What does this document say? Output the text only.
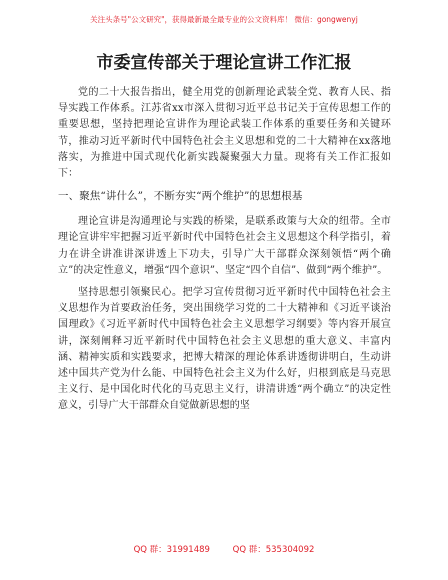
关注头条号"公文研究"，获得最新最全最专业的公文资料库！ 微信：gongwenyj
市委宣传部关于理论宣讲工作汇报

党的二十大报告指出，健全用党的创新理论武装全党、教育人民、指导实践工作体系。江苏省xx市深入贯彻习近平总书记关于宣传思想工作的重要思想，坚持把理论宣讲作为理论武装工作体系的重要任务和关键环节，推动习近平新时代中国特色社会主义思想和党的二十大精神在xx落地落实，为推进中国式现代化新实践凝聚强大力量。现将有关工作汇报如下：

一、聚焦“讲什么”，不断夯实“两个维护”的思想根基

理论宣讲是沟通理论与实践的桥梁，是联系政策与大众的纽带。全市理论宣讲牢牢把握习近平新时代中国特色社会主义思想这个科学指引，着力在讲全讲准讲深讲透上下功夫，引导广大干部群众深刻领悟“两个确立”的决定性意义，增强“四个意识”、坚定“四个自信”、做到“两个维护”。

坚持思想引领聚民心。把学习宣传贯彻习近平新时代中国特色社会主义思想作为首要政治任务，突出围绕学习党的二十大精神和《习近平谈治国理政》《习近平新时代中国特色社会主义思想学习纲要》等内容开展宣讲，深刻阐释习近平新时代中国特色社会主义思想的重大意义、丰富内涵、精神实质和实践要求，把博大精深的理论体系讲透彻讲明白，生动讲述中国共产党为什么能、中国特色社会主义为什么好，归根到底是马克思主义行、是中国化时代化的马克思主义行，讲清讲透“两个确立”的决定性意义，引导广大干部群众自觉做新思想的坚

QQ 群：31991489	QQ 群：535304092
